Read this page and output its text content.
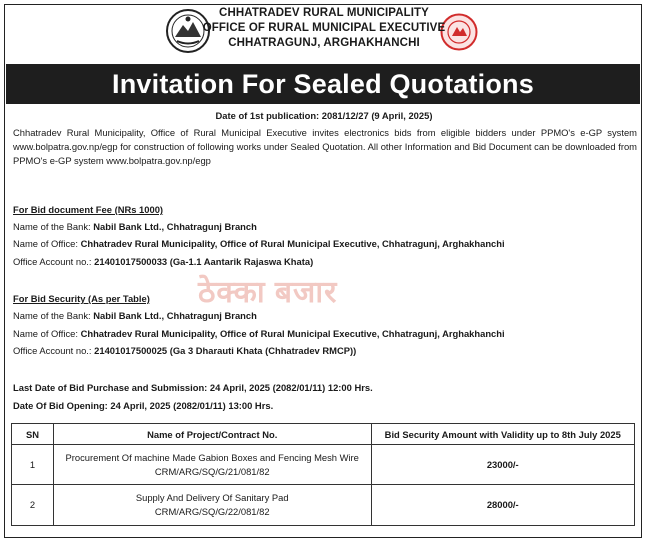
CHHATRADEV RURAL MUNICIPALITY
OFFICE OF RURAL MUNICIPAL EXECUTIVE
CHHATRAGUNJ, ARGHAKHANCHI
Invitation For Sealed Quotations
Date of 1st publication: 2081/12/27 (9 April, 2025)
Chhatradev Rural Municipality, Office of Rural Municipal Executive invites electronics bids from eligible bidders under PPMO's e-GP system www.bolpatra.gov.np/egp for construction of following works under Sealed Quotation. All other Information and Bid Document can be downloaded from PPMO's e-GP system www.bolpatra.gov.np/egp
ठेक्का बजार
For Bid document Fee (NRs 1000)
Name of the Bank: Nabil Bank Ltd., Chhatragunj Branch
Name of Office: Chhatradev Rural Municipality, Office of Rural Municipal Executive, Chhatragunj, Arghakhanchi
Office Account no.: 21401017500033 (Ga-1.1 Aantarik Rajaswa Khata)
For Bid Security (As per Table)
Name of the Bank: Nabil Bank Ltd., Chhatragunj Branch
Name of Office: Chhatradev Rural Municipality, Office of Rural Municipal Executive, Chhatragunj, Arghakhanchi
Office Account no.: 21401017500025 (Ga 3 Dharauti Khata (Chhatradev RMCP))
Last Date of Bid Purchase and Submission: 24 April, 2025 (2082/01/11) 12:00 Hrs.
Date Of Bid Opening: 24 April, 2025 (2082/01/11) 13:00 Hrs.
SN	Name of Project/Contract No.	Bid Security Amount with Validity up to 8th July 2025
1	Procurement Of machine Made Gabion Boxes and Fencing Mesh Wire
CRM/ARG/SQ/G/21/081/82	23000/-
2	Supply And Delivery Of Sanitary Pad
CRM/ARG/SQ/G/22/081/82	28000/-
